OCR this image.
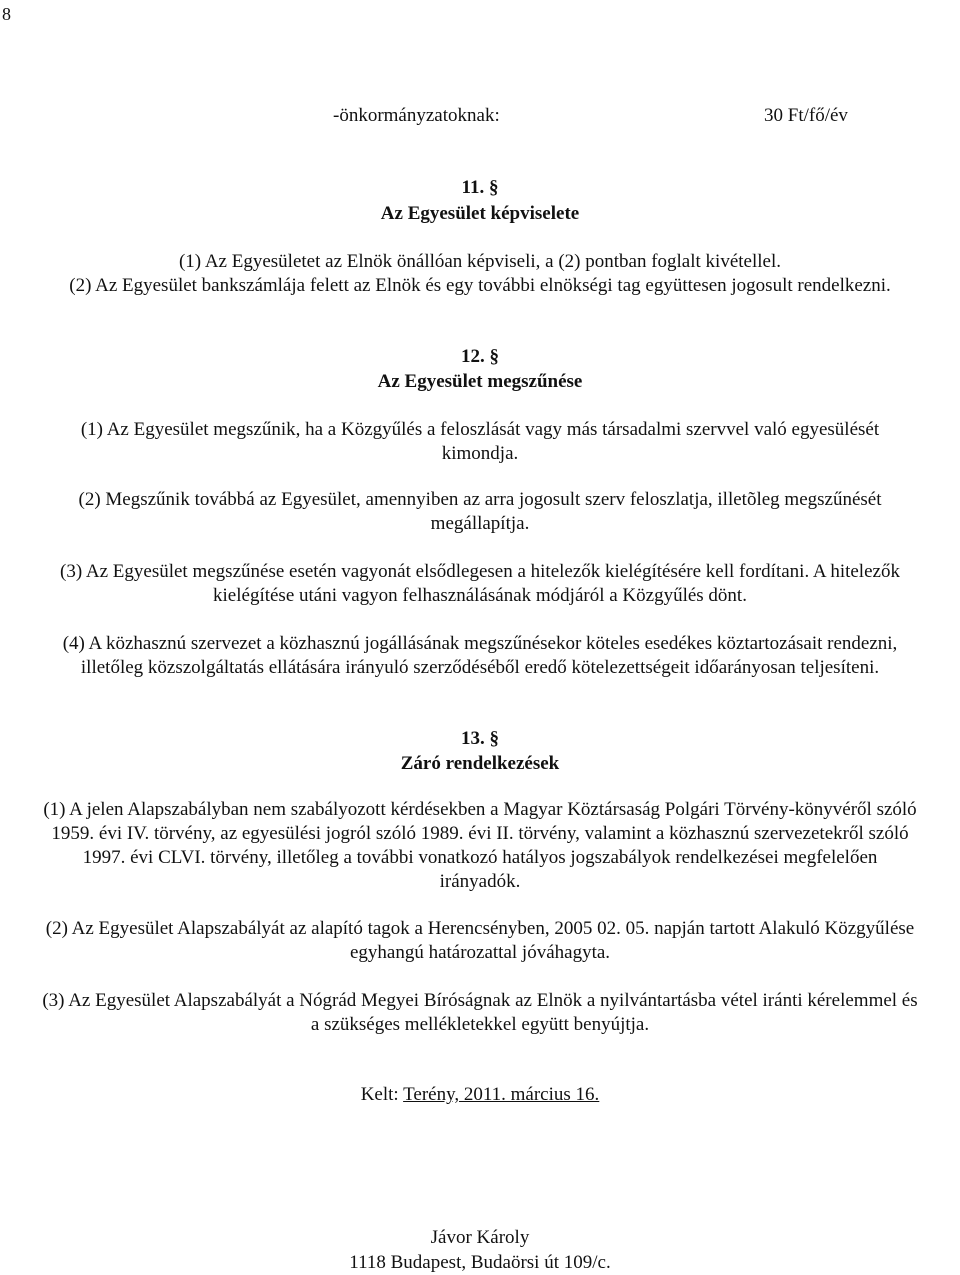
8
-önkormányzatoknak:	30 Ft/fő/év
11. §
Az Egyesület képviselete
(1) Az Egyesületet az Elnök önállóan képviseli, a (2) pontban foglalt kivétellel.
(2) Az Egyesület bankszámlája felett az Elnök és egy további elnökségi tag együttesen jogosult rendelkezni.
12. §
Az Egyesület megszűnése
(1) Az Egyesület megszűnik, ha a Közgyűlés a feloszlását vagy más társadalmi szervvel való egyesülését
kimondja.
(2) Megszűnik továbbá az Egyesület, amennyiben az arra jogosult szerv feloszlatja, illetõleg megszűnését
megállapítja.
(3) Az Egyesület megszűnése esetén vagyonát elsődlegesen a hitelezők kielégítésére kell fordítani. A hitelezők
kielégítése utáni vagyon felhasználásának módjáról a Közgyűlés dönt.
(4) A közhasznú szervezet a közhasznú jogállásának megszűnésekor köteles esedékes köztartozásait rendezni,
illetőleg közszolgáltatás ellátására irányuló szerződéséből eredő kötelezettségeit időarányosan teljesíteni.
13. §
Záró rendelkezések
(1) A jelen Alapszabályban nem szabályozott kérdésekben a Magyar Köztársaság Polgári Törvény-könyvéről szóló
1959. évi IV. törvény, az egyesülési jogról szóló 1989. évi II. törvény, valamint a közhasznú szervezetekről szóló
1997. évi CLVI. törvény, illetőleg a további vonatkozó hatályos jogszabályok rendelkezései megfelelően
irányadók.
(2) Az Egyesület Alapszabályát az alapító tagok a Herencsényben, 2005 02. 05. napján tartott Alakuló Közgyűlése
egyhangú határozattal jóváhagyta.
(3) Az Egyesület Alapszabályát a Nógrád Megyei Bíróságnak az Elnök a nyilvántartásba vétel iránti kérelemmel és
a szükséges mellékletekkel együtt benyújtja.
Kelt: Terény, 2011. március 16.
Jávor Károly
1118 Budapest, Budaörsi út 109/c.
